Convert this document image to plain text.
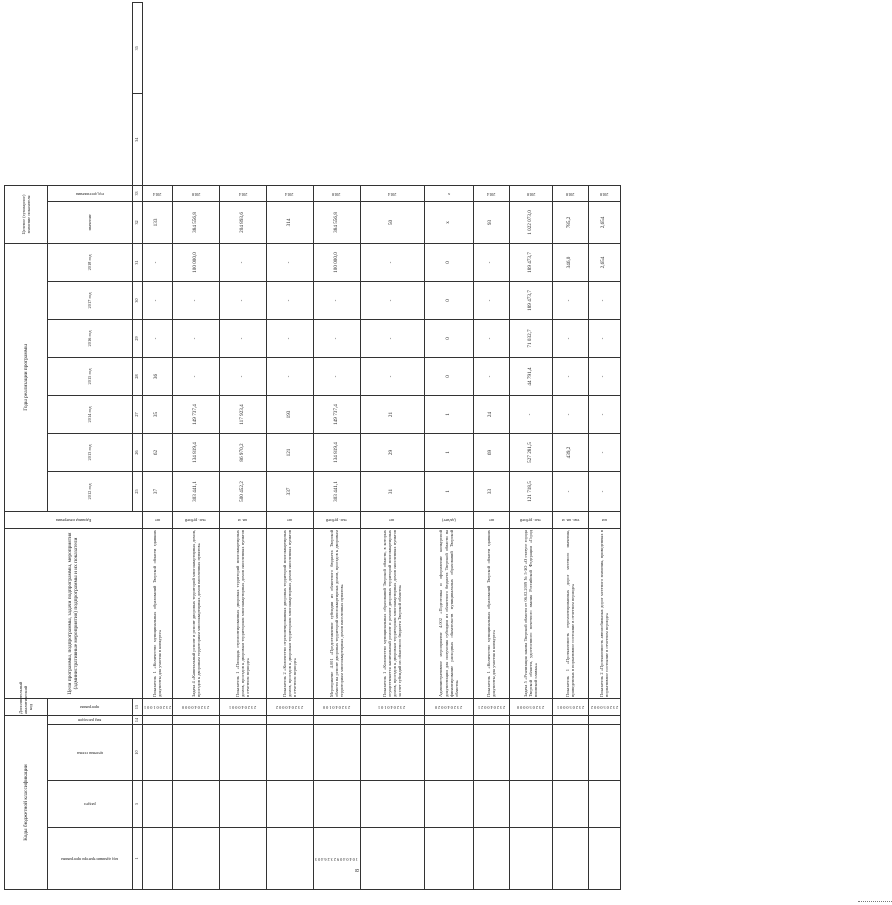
8
Коды бюджетной классификации				Дополнительный аналитический код	Цели программы, подпрограммы, задачи подпрограммы, мероприятия (административные мероприятия) подпрограммы и их показатели	Единица измерения	Годы реализации программы							Целевое (суммарное) значение показателя			

код администратора программы	раздел	целевая статья	вид расходов	программа			2012 год	2013 год	2014 год	2015 год	2016 год	2017 год	2018 год	значение	год достижения		

1	5	10	14	15			25	26	27	28	29	30	31	32	33	34	35

				2 3 2 0 0 1 0 0 1	Показатель 1 «Количество муниципальных образований Тверской области сдавших документы для участия в конкурсе»	шт	37	62	35	36	-	-	-	133	2014		

				2 3 2 0 4 0 0 0 0	Задача 4 «Капитальный ремонт и ремонт дворовых территорий многоквартирных домов, проездов к дворовым территориям многоквартирных домов населенных пунктов»	тыс. рублей	303 441,1	134 819,4	149 737,4	-	-	-	100 000,0	384 556,8	2018		

				2 3 2 0 4 0 0 0 1	Показатель 1 «Площадь отремонтированных дворовых территорий многоквартирных домов, проездов к дворовым территориям многоквартирных домов населенных пунктов в отчетном периоде»	кв. м	500 452,2	86 970,2	117 923,4	-	-	-	-	204 893,6	2014		

				2 3 2 0 4 0 0 0 2	Показатель 2 «Количество отремонтированных дворовых территорий многоквартирных домов, проездов к дворовым территориям многоквартирных домов населенных пунктов в отчетном периоде»	шт	337	121	193	-	-	-	-	314	2014		

1 0 4 0 4 0 9 2 3 2 6 4 0 3				2 3 2 0 4 0 1 0 0	Мероприятие 4.001 «Предоставление субсидии из областного бюджета Тверской области на ремонт дворовых территорий многоквартирных домов, проездов к дворовым территориям многоквартирных домов населенных пунктов»	тыс. рублей	303 441,1	134 819,4	149 737,4	-	-	-	100 000,0	384 556,8	2018		

				2 3 2 0 4 0 1 0 1	Показатель 1 «Количество муниципальных образований Тверской области, в которых осуществляется капитальный ремонт и ремонт дворовых территорий многоквартирных домов, проездов к дворовым территориям многоквартирных домов населенных пунктов за счет субсидий из областного бюджета Тверской области»	шт	31	29	21	-	-	-	-	50	2014		

				2 3 2 0 4 0 0 2 0	Административное мероприятие 4.002 «Подготовка и оформление конкурсной документации для получения субсидии из областного бюджета Тверской области на финансирование расходных обязательств муниципальных образований Тверской области»	(да/нет)	1	1	1	0	0	0	0	x	x		

				2 3 2 0 4 0 0 2 1	Показатель 1 «Количество муниципальных образований Тверской области сдавших документы для участия в конкурсе»	шт	33	69	24	-	-	-	-	93	2014		

				2 3 2 0 5 0 0 0 0	Задача 5 «Реализация закона Тверской области от 06.02.2009 № 5-ЗО «О статусе города Тверской области, удостоенного почетного звания Российской Федерации «Город воинской славы»»	тыс. рублей	121 718,5	527 281,5	-	44 791,4	71 032,7	189 473,7	189 473,7	1 022 073,0	2018		

				2 3 2 0 5 0 0 0 1	Показатель 1 «Протяженность отремонтированных дорог местного значения, приведенных в нормативное состояние в отчетном периоде»	тыс. кв. м	-	439,2	-	-	-	-	346,0	785,2	2018		

				2 3 2 0 5 0 0 0 2	Показатель 2 «Протяженность автомобильных дорог местного значения, приведенных в нормативное состояние в отчетном периоде»	км	-	-	-	-	-	-	2,654	2,654	2018		
